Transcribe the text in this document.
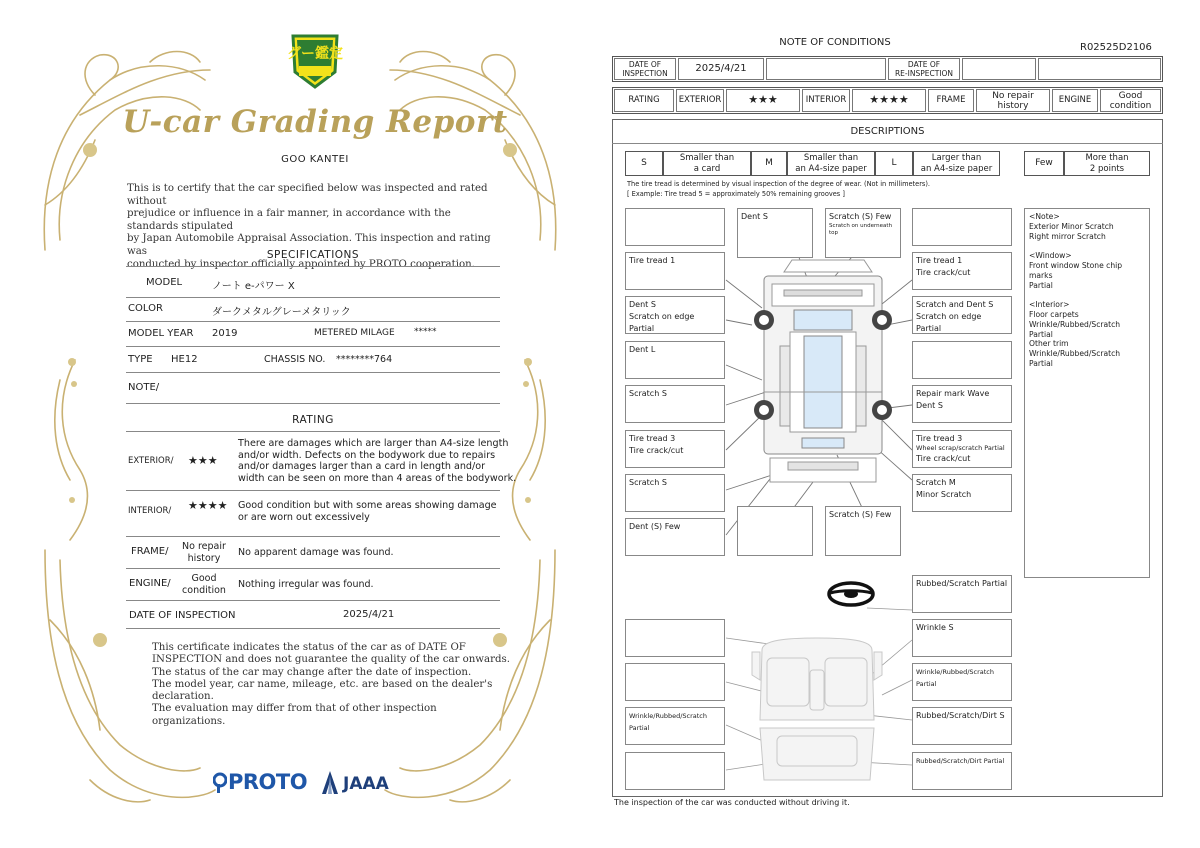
グー鑑定
U-car Grading Report
GOO KANTEI
This is to certify that the car specified below was inspected and rated without
prejudice or influence in a fair manner, in accordance with the standards stipulated
by Japan Automobile Appraisal Association. This inspection and rating was
conducted by inspector officially appointed by PROTO cooperation.
SPECIFICATIONS
MODEL	ノート e-パワー X
COLOR	ダークメタルグレーメタリック
MODEL YEAR 2019	METERED MILAGE *****
TYPE HE12	CHASSIS NO. ********764
NOTE/
RATING
EXTERIOR/ ★★★
There are damages which are larger than A4-size length
and/or width. Defects on the bodywork due to repairs
and/or damages larger than a card in length and/or
width can be seen on more than 4 areas of the bodywork.
INTERIOR/ ★★★★ Good condition but with some areas showing damage
or are worn out excessively
FRAME/ No repair
history
No apparent damage was found.
ENGINE/	Good
condition
Nothing irregular was found.
DATE OF INSPECTION	2025/4/21
This certificate indicates the status of the car as of DATE OF
INSPECTION and does not guarantee the quality of the car onwards.
The status of the car may change after the date of inspection.
The model year, car name, mileage, etc. are based on the dealer's
declaration.
The evaluation may differ from that of other inspection organizations.
PROTO JAAA
NOTE OF CONDITIONS	R02525D2106
DATE OF
INSPECTION	2025/4/21	DATE OF
RE-INSPECTION
RATING	EXTERIOR	★★★	INTERIOR	★★★★	FRAME	No repair
history
ENGINE	Good
condition
DESCRIPTIONS
S
Smaller than
a card
M
Smaller than
an A4-size paper
L
Larger than
an A4-size paper
Few
More than
2 points
The tire tread is determined by visual inspection of the degree of wear. (Not in millimeters).
[ Example: Tire tread 5 = approximately 50% remaining grooves ]
Tire tread 1
Dent S
Scratch on edge Partial
Dent L
Scratch S
Tire tread 3
Tire crack/cut
Scratch S
Dent (S) Few
Dent S	Scratch (S) Few
Scratch on underneath
top
Scratch (S) Few
Tire tread 1
Tire crack/cut
Scratch and Dent S
Scratch on edge Partial
Repair mark Wave
Dent S
Tire tread 3
Wheel scrap/scratch Partial
Tire crack/cut
Scratch M
Minor Scratch
<Note>
Exterior Minor Scratch
Right mirror Scratch
<Window>
Front window Stone chip marks
Partial
<Interior>
Floor carpets
Wrinkle/Rubbed/Scratch
Partial
Other trim
Wrinkle/Rubbed/Scratch
Partial
Wrinkle/Rubbed/Scratch Partial
Rubbed/Scratch Partial
Wrinkle S
Wrinkle/Rubbed/Scratch Partial
Rubbed/Scratch/Dirt S
Rubbed/Scratch/Dirt Partial
The inspection of the car was conducted without driving it.
